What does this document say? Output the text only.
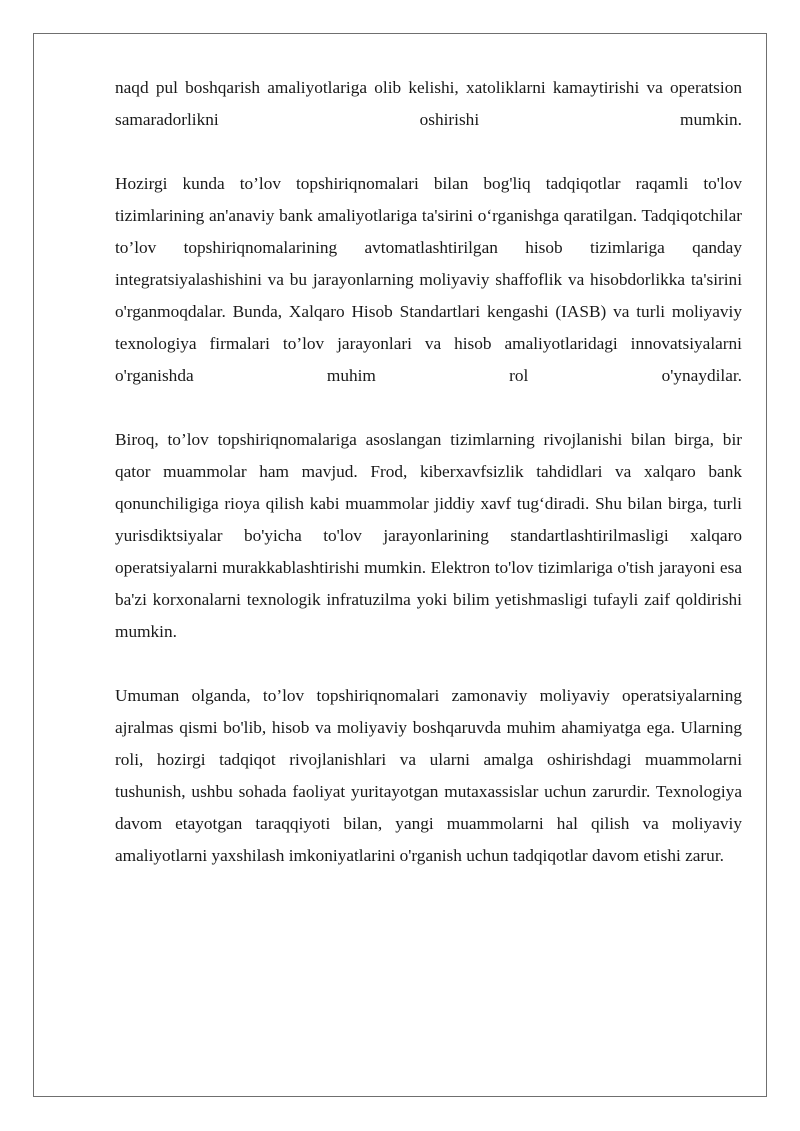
naqd pul boshqarish amaliyotlariga olib kelishi, xatoliklarni kamaytirishi va operatsion samaradorlikni oshirishi mumkin.

Hozirgi kunda to’lov topshiriqnomalari bilan bog'liq tadqiqotlar raqamli to'lov tizimlarining an'anaviy bank amaliyotlariga ta'sirini o‘rganishga qaratilgan. Tadqiqotchilar to’lov topshiriqnomalarining avtomatlashtirilgan hisob tizimlariga qanday integratsiyalashishini va bu jarayonlarning moliyaviy shaffoflik va hisobdorlikka ta'sirini o'rganmoqdalar. Bunda, Xalqaro Hisob Standartlari kengashi (IASB) va turli moliyaviy texnologiya firmalari to’lov jarayonlari va hisob amaliyotlaridagi innovatsiyalarni o'rganishda muhim rol o'ynaydilar.

Biroq, to’lov topshiriqnomalariga asoslangan tizimlarning rivojlanishi bilan birga, bir qator muammolar ham mavjud. Frod, kiberxavfsizlik tahdidlari va xalqaro bank qonunchiligiga rioya qilish kabi muammolar jiddiy xavf tug‘diradi. Shu bilan birga, turli yurisdiktsiyalar bo'yicha to'lov jarayonlarining standartlashtirilmasligi xalqaro operatsiyalarni murakkablashtirishi mumkin. Elektron to'lov tizimlariga o'tish jarayoni esa ba'zi korxonalarni texnologik infratuzilma yoki bilim yetishmasligi tufayli zaif qoldirishi mumkin.

Umuman olganda, to’lov topshiriqnomalari zamonaviy moliyaviy operatsiyalarning ajralmas qismi bo'lib, hisob va moliyaviy boshqaruvda muhim ahamiyatga ega. Ularning roli, hozirgi tadqiqot rivojlanishlari va ularni amalga oshirishdagi muammolarni tushunish, ushbu sohada faoliyat yuritayotgan mutaxassislar uchun zarurdir. Texnologiya davom etayotgan taraqqiyoti bilan, yangi muammolarni hal qilish va moliyaviy amaliyotlarni yaxshilash imkoniyatlarini o'rganish uchun tadqiqotlar davom etishi zarur.
